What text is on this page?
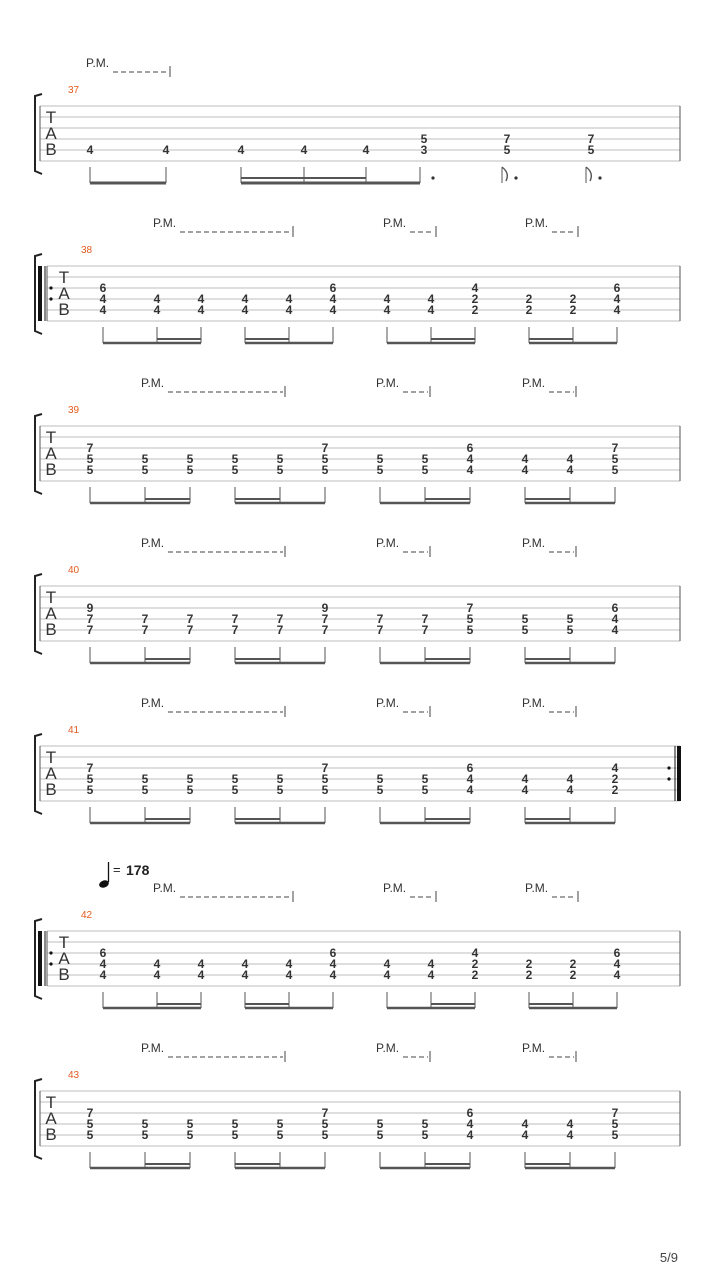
T
A
B
37
P.M.
4	4	4	4	4
5
3
7
5
7
5
T
A
B
38
P.M.	P.M.	P.M.
6
4
4
4
4
4
4
4
4
4
4
6
4
4
4
4
4
4
4
2
2
2
2
2
2
6
4
4
T
A
B
39
P.M.	P.M.	P.M.
7
5
5
5
5
5
5
5
5
5
5
7
5
5
5
5
5
5
6
4
4
4
4
4
4
7
5
5
T
A
B
40
P.M.	P.M.	P.M.
9
7
7
7
7
7
7
7
7
7
7
9
7
7
7
7
7
7
7
5
5
5
5
5
5
6
4
4
T
A
B
41
P.M.	P.M.	P.M.
7
5
5
5
5
5
5
5
5
5
5
7
5
5
5
5
5
5
6
4
4
4
4
4
4
4
2
2
T
A
B
42
P.M.	P.M.	P.M.
6
4
4
4
4
4
4
4
4
4
4
6
4
4
4
4
4
4
4
2
2
2
2
2
2
6
4
4
= 178
T
A
B
43
P.M.	P.M.	P.M.
7
5
5
5
5
5
5
5
5
5
5
7
5
5
5
5
5
5
6
4
4
4
4
4
4
7
5
5
5/9
